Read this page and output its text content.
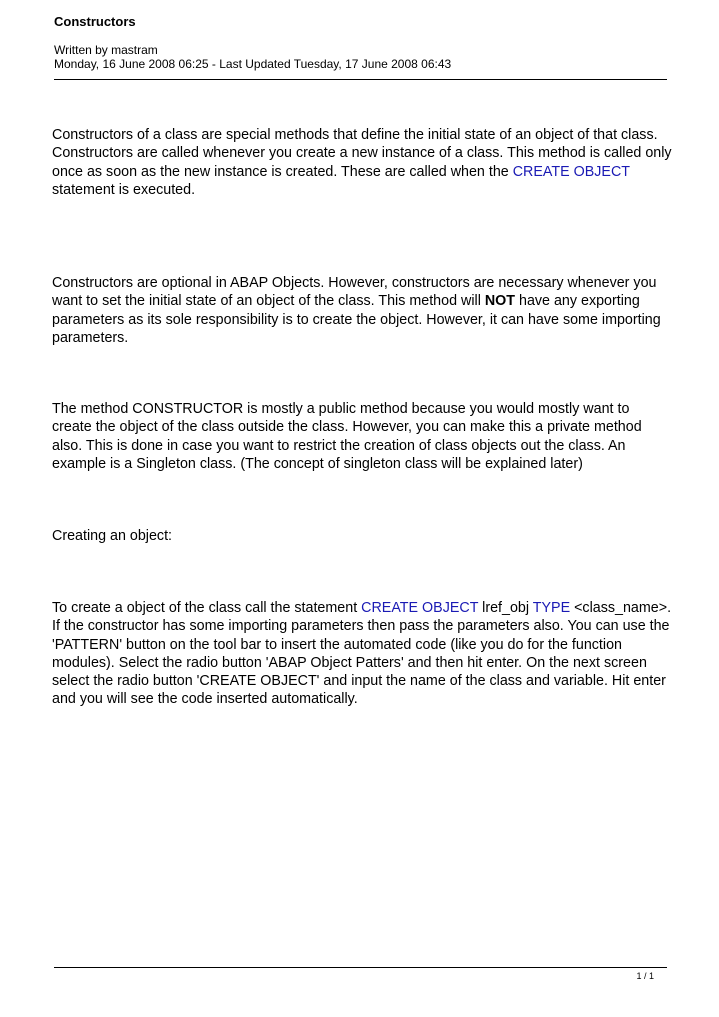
Constructors
Written by mastram
Monday, 16 June 2008 06:25 - Last Updated Tuesday, 17 June 2008 06:43

Constructors of a class are special methods that define the initial state of an object of that class. Constructors are called whenever you create a new instance of a class. This method is called only once as soon as the new instance is created. These are called when the CREATE OBJECT
statement is executed.

Constructors are optional in ABAP Objects. However, constructors are necessary whenever you want to set the initial state of an object of the class. This method will NOT have any exporting parameters as its sole responsibility is to create the object. However, it can have some importing parameters.

The method CONSTRUCTOR is mostly a public method because you would mostly want to create the object of the class outside the class. However, you can make this a private method also. This is done in case you want to restrict the creation of class objects out the class. An example is a Singleton class. (The concept of singleton class will be explained later)

Creating an object:

To create a object of the class call the statement CREATE OBJECT lref_obj TYPE <class_name>. If the constructor has some importing parameters then pass the parameters also. You can use the 'PATTERN' button on the tool bar to insert the automated code (like you do for the function modules). Select the radio button 'ABAP Object Patters' and then hit enter. On the next screen select the radio button 'CREATE OBJECT' and input the name of the class and variable. Hit enter and you will see the code inserted automatically.

1 / 1
